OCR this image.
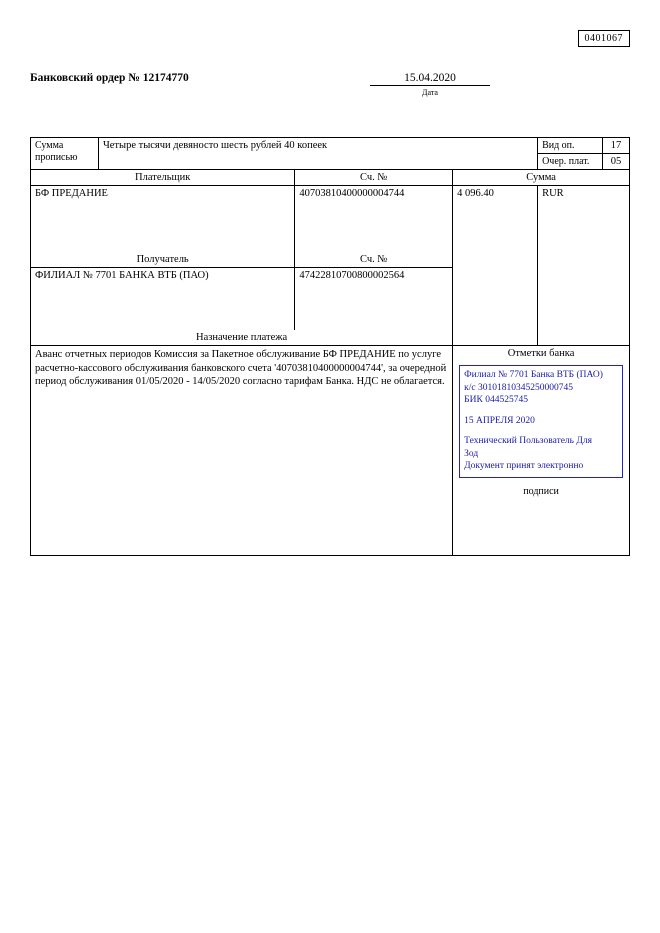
0401067
Банковский ордер № 12174770	15.04.2020
Дата
Сумма
прописью	Четыре тысячи девяносто шесть рублей 40 копеек			Вид оп.	17
				Очер. плат.	05
Плательщик		Сч. №	Сумма		
БФ ПРЕДАНИЕ		40703810400000004744	4 096.40	RUR	
Получатель		Сч. №			
ФИЛИАЛ № 7701 БАНКА ВТБ (ПАО)		47422810700800002564			
Назначение платежа					
Аванс отчетных периодов Комиссия за Пакетное обслуживание БФ ПРЕДАНИЕ по услуге расчетно-кассового обслуживания банковского счета '40703810400000004744', за очередной период обслуживания 01/05/2020 - 14/05/2020 согласно тарифам Банка. НДС не облагается.	
Отметки банка
Филиал № 7701 Банка ВТБ (ПАО)
к/с 30101810345250000745
БИК 044525745
15 АПРЕЛЯ 2020
Технический Пользователь Для
Зод
Документ принят электронно
подписи
